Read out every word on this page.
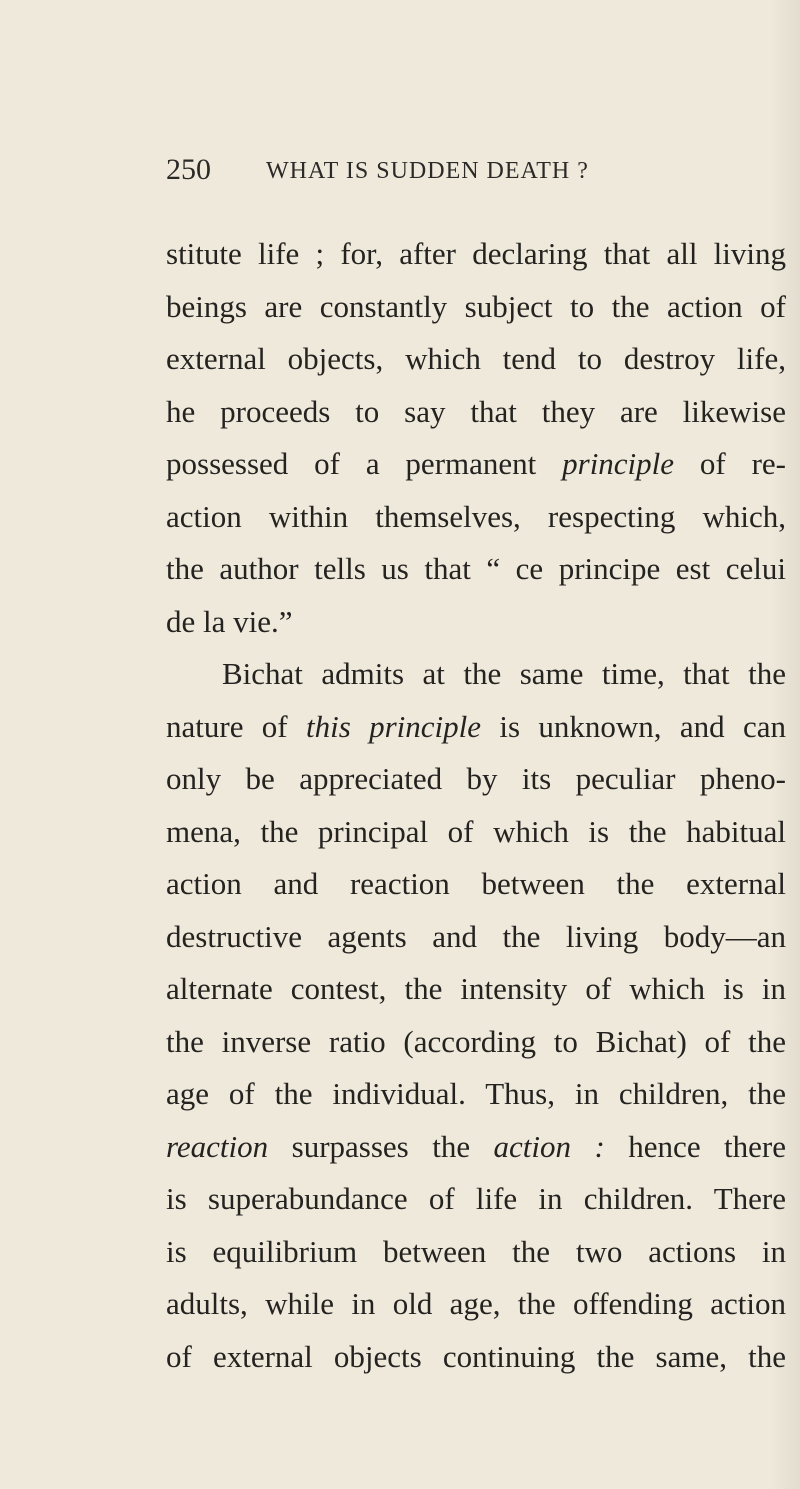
250 WHAT IS SUDDEN DEATH ?
stitute life ; for, after declaring that all living
beings are constantly subject to the action of
external objects, which tend to destroy life,
he proceeds to say that they are likewise
possessed of a permanent principle of re-
action within themselves, respecting which,
the author tells us that “ ce principe est celui
de la vie.”
Bichat admits at the same time, that the
nature of this principle is unknown, and can
only be appreciated by its peculiar pheno-
mena, the principal of which is the habitual
action and reaction between the external
destructive agents and the living body—an
alternate contest, the intensity of which is in
the inverse ratio (according to Bichat) of the
age of the individual. Thus, in children, the
reaction surpasses the action : hence there
is superabundance of life in children. There
is equilibrium between the two actions in
adults, while in old age, the offending action
of external objects continuing the same, the
